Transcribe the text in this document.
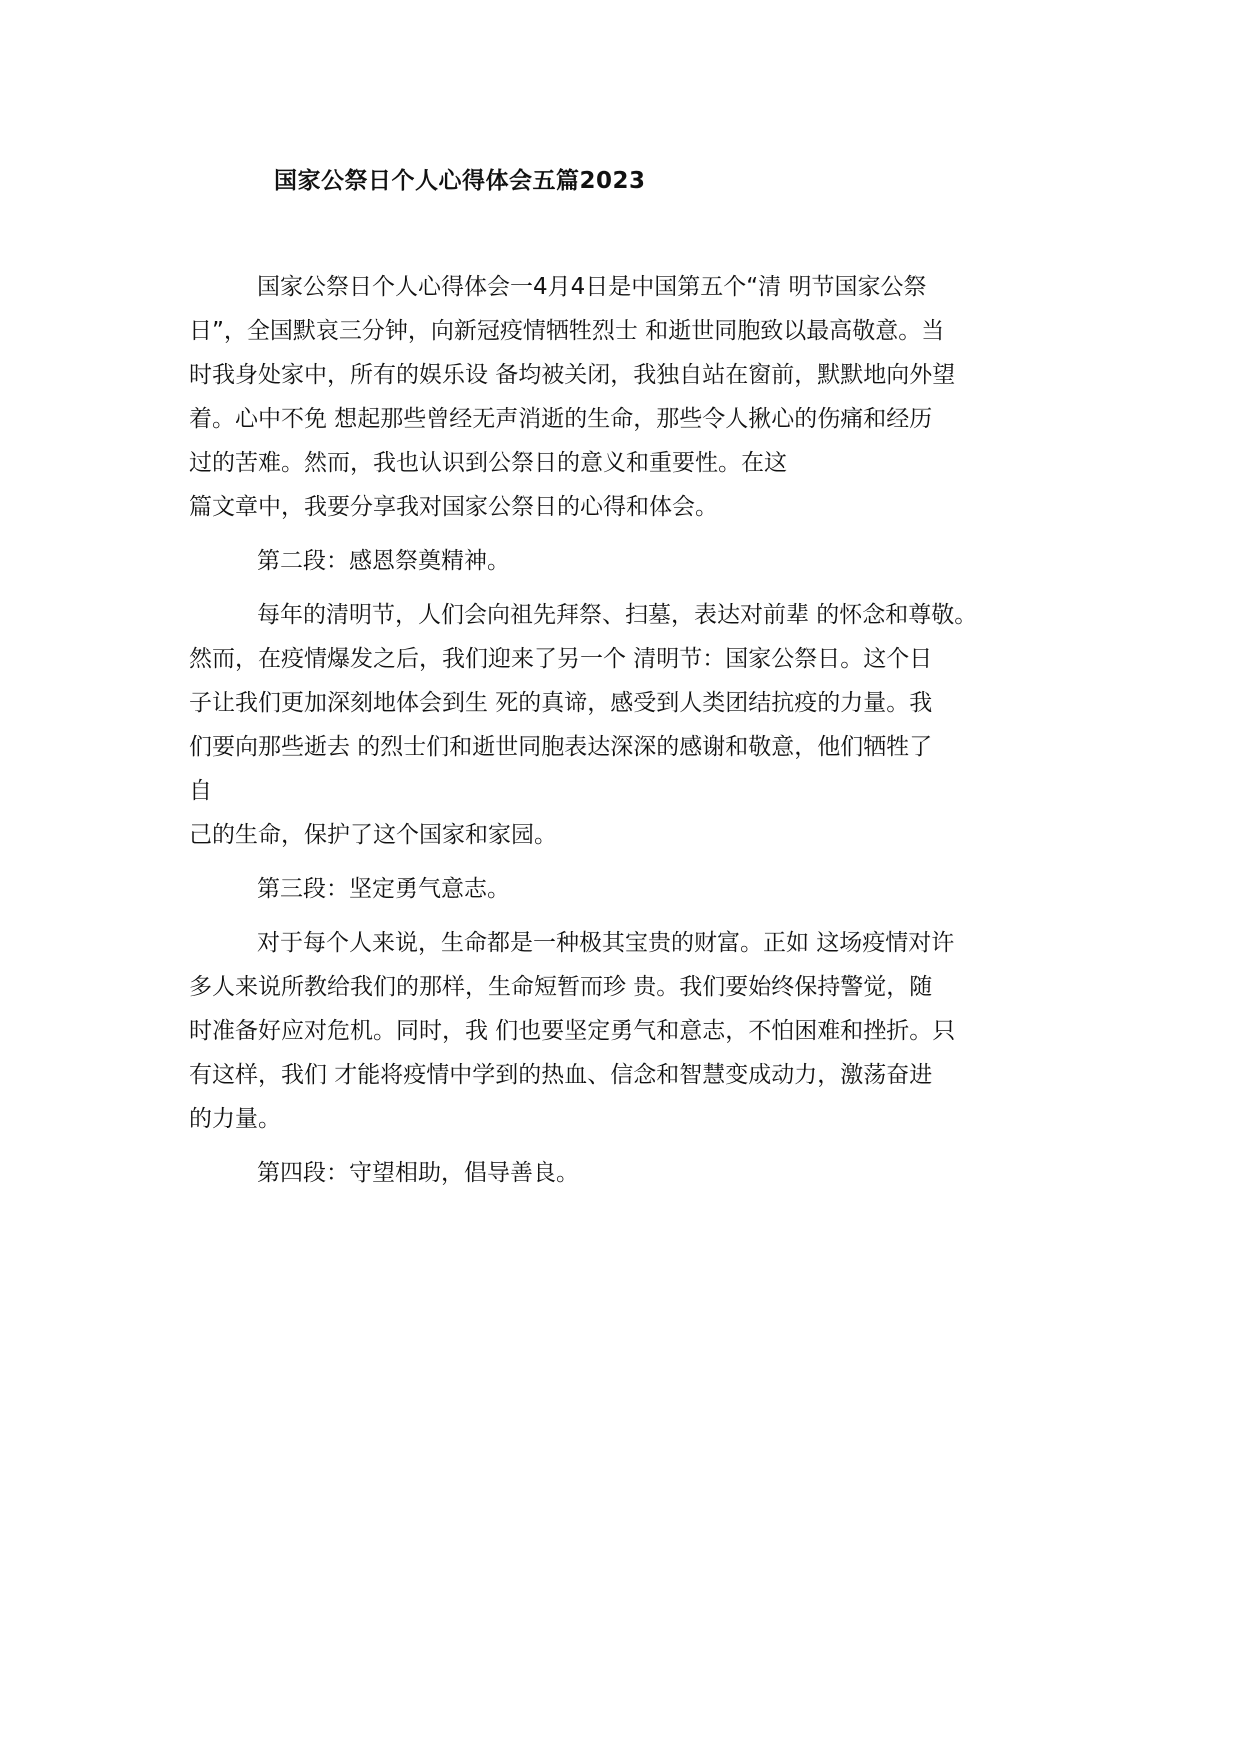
国家公祭日个人心得体会五篇2023

国家公祭日个人心得体会一4月4日是中国第五个“清 明节国家公祭

日”，全国默哀三分钟，向新冠疫情牺牲烈士 和逝世同胞致以最高敬意。当

时我身处家中，所有的娱乐设 备均被关闭，我独自站在窗前，默默地向外望

着。心中不免 想起那些曾经无声消逝的生命，那些令人揪心的伤痛和经历

过的苦难。然而，我也认识到公祭日的意义和重要性。在这

篇文章中，我要分享我对国家公祭日的心得和体会。

第二段：感恩祭奠精神。

每年的清明节，人们会向祖先拜祭、扫墓，表达对前辈 的怀念和尊敬。

然而，在疫情爆发之后，我们迎来了另一个 清明节：国家公祭日。这个日

子让我们更加深刻地体会到生 死的真谛，感受到人类团结抗疫的力量。我

们要向那些逝去 的烈士们和逝世同胞表达深深的感谢和敬意，他们牺牲了

自

己的生命，保护了这个国家和家园。

第三段：坚定勇气意志。

对于每个人来说，生命都是一种极其宝贵的财富。正如 这场疫情对许

多人来说所教给我们的那样，生命短暂而珍 贵。我们要始终保持警觉，随

时准备好应对危机。同时，我 们也要坚定勇气和意志，不怕困难和挫折。只

有这样，我们 才能将疫情中学到的热血、信念和智慧变成动力，激荡奋进

的力量。

第四段：守望相助，倡导善良。
